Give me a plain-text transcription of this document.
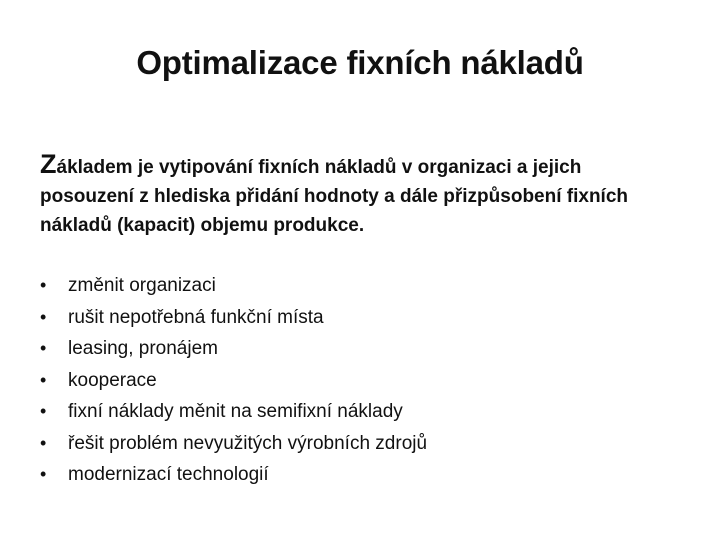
Optimalizace fixních nákladů
Základem je vytipování fixních nákladů v organizaci a jejich posouzení z hlediska přidání hodnoty a dále přizpůsobení fixních nákladů (kapacit) objemu produkce.
•	změnit organizaci
•	rušit nepotřebná funkční místa
•	leasing, pronájem
•	kooperace
•	fixní náklady měnit na semifixní náklady
•	řešit problém nevyužitých výrobních zdrojů
•	modernizací technologií
